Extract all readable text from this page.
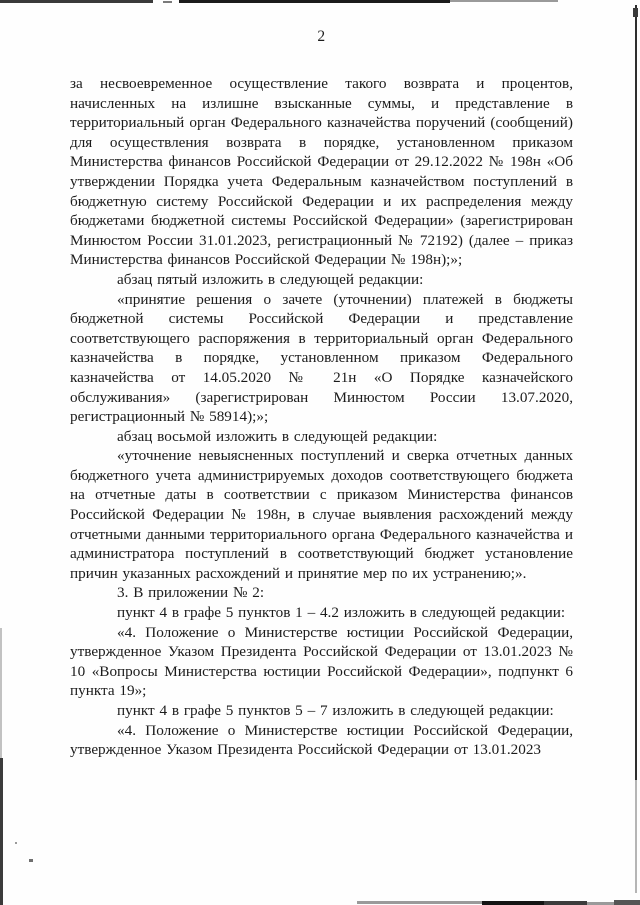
2

за несвоевременное осуществление такого возврата и процентов, начисленных на излишне взысканные суммы, и представление в территориальный орган Федерального казначейства поручений (сообщений) для осуществления возврата в порядке, установленном приказом Министерства финансов Российской Федерации от 29.12.2022 № 198н «Об утверждении Порядка учета Федеральным казначейством поступлений в бюджетную систему Российской Федерации и их распределения между бюджетами бюджетной системы Российской Федерации» (зарегистрирован Минюстом России 31.01.2023, регистрационный № 72192) (далее – приказ Министерства финансов Российской Федерации № 198н);»;

абзац пятый изложить в следующей редакции:

«принятие решения о зачете (уточнении) платежей в бюджеты бюджетной системы Российской Федерации и представление соответствующего распоряжения в территориальный орган Федерального казначейства в порядке, установленном приказом Федерального казначейства от 14.05.2020 № 21н «О Порядке казначейского обслуживания» (зарегистрирован Минюстом России 13.07.2020, регистрационный № 58914);»;

абзац восьмой изложить в следующей редакции:

«уточнение невыясненных поступлений и сверка отчетных данных бюджетного учета администрируемых доходов соответствующего бюджета на отчетные даты в соответствии с приказом Министерства финансов Российской Федерации № 198н, в случае выявления расхождений между отчетными данными территориального органа Федерального казначейства и администратора поступлений в соответствующий бюджет установление причин указанных расхождений и принятие мер по их устранению;».

3. В приложении № 2:

пункт 4 в графе 5 пунктов 1 – 4.2 изложить в следующей редакции:

«4. Положение о Министерстве юстиции Российской Федерации, утвержденное Указом Президента Российской Федерации от 13.01.2023 № 10 «Вопросы Министерства юстиции Российской Федерации», подпункт 6 пункта 19»;

пункт 4 в графе 5 пунктов 5 – 7 изложить в следующей редакции:

«4. Положение о Министерстве юстиции Российской Федерации, утвержденное Указом Президента Российской Федерации от 13.01.2023
